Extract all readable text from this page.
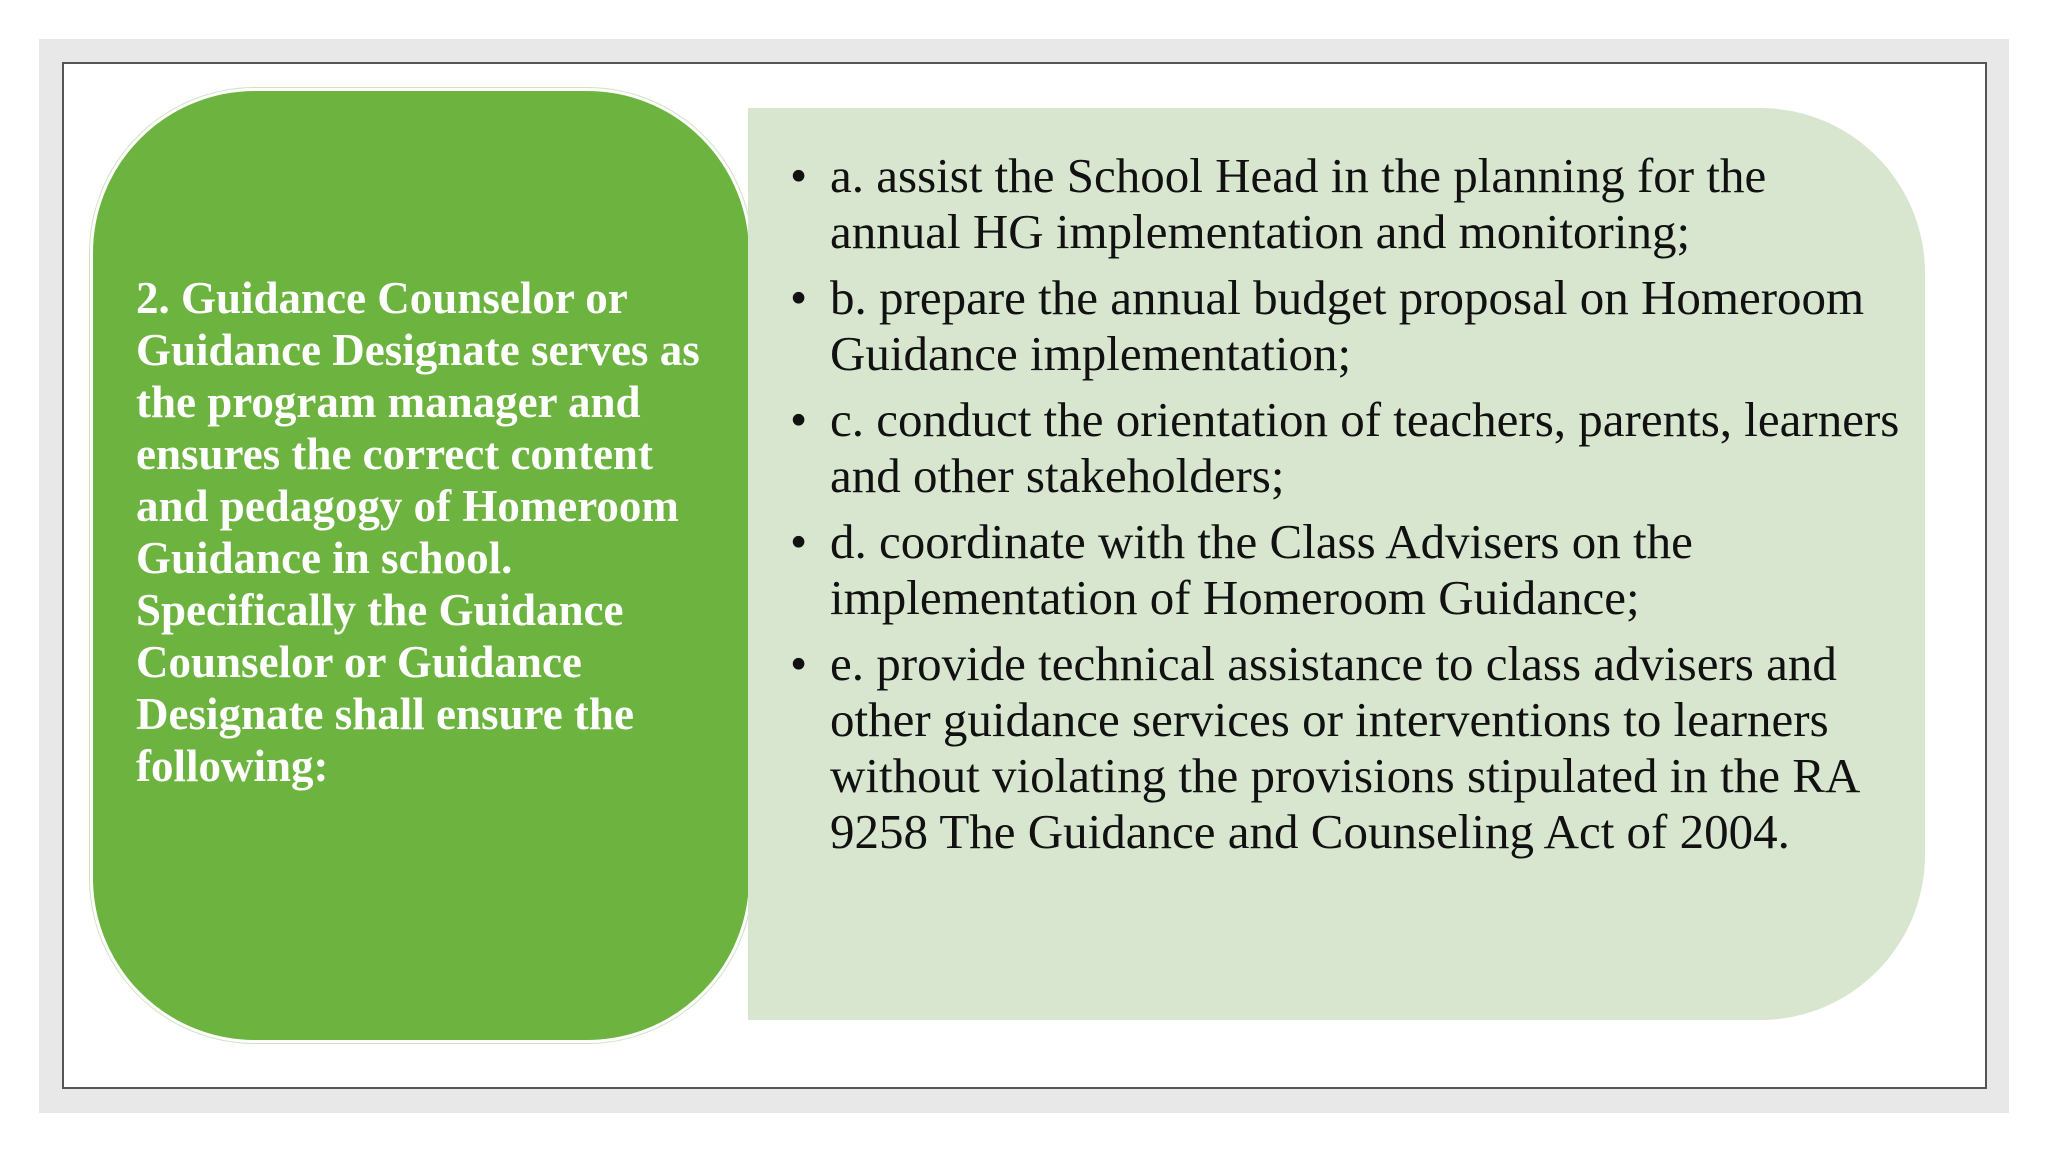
2. Guidance Counselor or Guidance Designate serves as the program manager and ensures the correct content and pedagogy of Homeroom Guidance in school. Specifically the Guidance Counselor or Guidance Designate shall ensure the following:

• a. assist the School Head in the planning for the annual HG implementation and monitoring;
• b. prepare the annual budget proposal on Homeroom Guidance implementation;
• c. conduct the orientation of teachers, parents, learners and other stakeholders;
• d. coordinate with the Class Advisers on the implementation of Homeroom Guidance;
• e. provide technical assistance to class advisers and other guidance services or interventions to learners without violating the provisions stipulated in the RA 9258 The Guidance and Counseling Act of 2004.
